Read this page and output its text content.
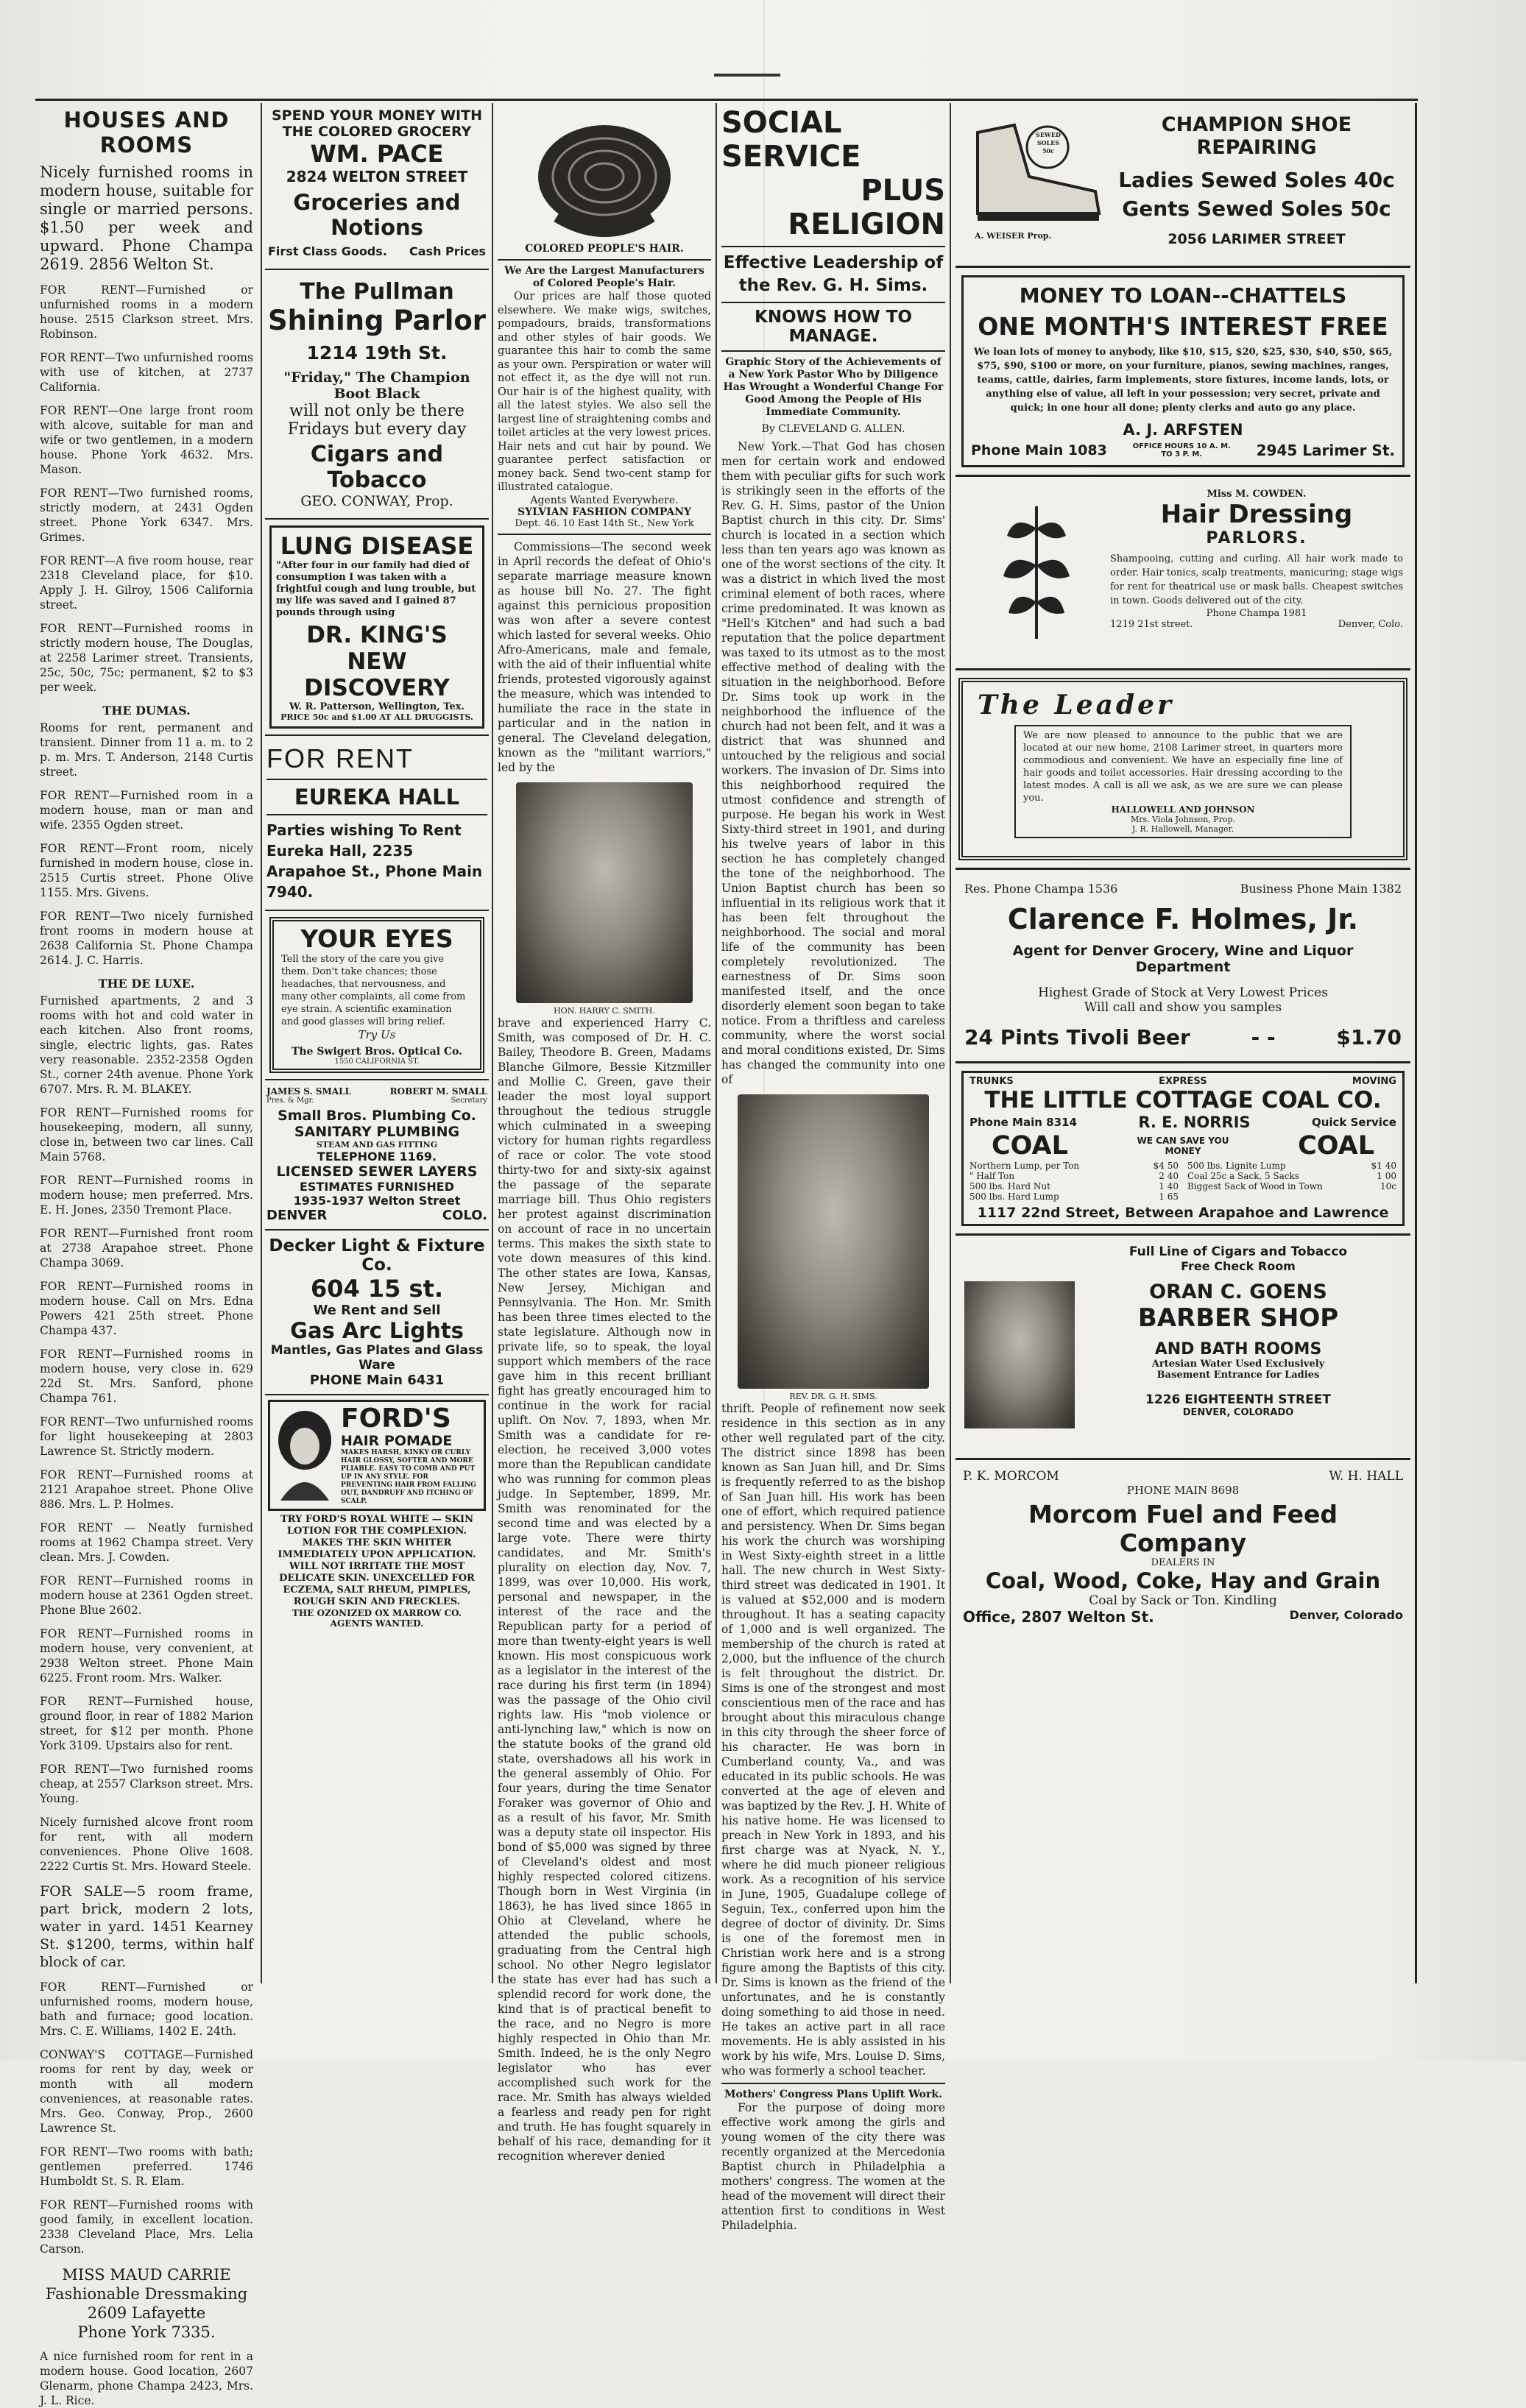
HOUSES AND ROOMS

Nicely furnished rooms in modern house, suitable for single or married persons. $1.50 per week and upward. Phone Champa 2619. 2856 Welton St.

FOR RENT—Furnished or unfurnished rooms in a modern house. 2515 Clarkson street. Mrs. Robinson.

FOR RENT—Two unfurnished rooms with use of kitchen, at 2737 California.

FOR RENT—One large front room with alcove, suitable for man and wife or two gentlemen, in a modern house. Phone York 4632. Mrs. Mason.

FOR RENT—Two furnished rooms, strictly modern, at 2431 Ogden street. Phone York 6347. Mrs. Grimes.

FOR RENT—A five room house, rear 2318 Cleveland place, for $10. Apply J. H. Gilroy, 1506 California street.

FOR RENT—Furnished rooms in strictly modern house, The Douglas, at 2258 Larimer street. Transients, 25c, 50c, 75c; permanent, $2 to $3 per week.

THE DUMAS.

Rooms for rent, permanent and transient. Dinner from 11 a. m. to 2 p. m. Mrs. T. Anderson, 2148 Curtis street.

FOR RENT—Furnished room in a modern house, man or man and wife. 2355 Ogden street.

FOR RENT—Front room, nicely furnished in modern house, close in. 2515 Curtis street. Phone Olive 1155. Mrs. Givens.

FOR RENT—Two nicely furnished front rooms in modern house at 2638 California St. Phone Champa 2614. J. C. Harris.

THE DE LUXE.

Furnished apartments, 2 and 3 rooms with hot and cold water in each kitchen. Also front rooms, single, electric lights, gas. Rates very reasonable. 2352-2358 Ogden St., corner 24th avenue. Phone York 6707. Mrs. R. M. BLAKEY.

FOR RENT—Furnished rooms for housekeeping, modern, all sunny, close in, between two car lines. Call Main 5768.

FOR RENT—Furnished rooms in modern house; men preferred. Mrs. E. H. Jones, 2350 Tremont Place.

FOR RENT—Furnished front room at 2738 Arapahoe street. Phone Champa 3069.

FOR RENT—Furnished rooms in modern house. Call on Mrs. Edna Powers 421 25th street. Phone Champa 437.

FOR RENT—Furnished rooms in modern house, very close in. 629 22d St. Mrs. Sanford, phone Champa 761.

FOR RENT—Two unfurnished rooms for light housekeeping at 2803 Lawrence St. Strictly modern.

FOR RENT—Furnished rooms at 2121 Arapahoe street. Phone Olive 886. Mrs. L. P. Holmes.

FOR RENT — Neatly furnished rooms at 1962 Champa street. Very clean. Mrs. J. Cowden.

FOR RENT—Furnished rooms in modern house at 2361 Ogden street. Phone Blue 2602.

FOR RENT—Furnished rooms in modern house, very convenient, at 2938 Welton street. Phone Main 6225. Front room. Mrs. Walker.

FOR RENT—Furnished house, ground floor, in rear of 1882 Marion street, for $12 per month. Phone York 3109. Upstairs also for rent.

FOR RENT—Two furnished rooms cheap, at 2557 Clarkson street. Mrs. Young.

Nicely furnished alcove front room for rent, with all modern conveniences. Phone Olive 1608. 2222 Curtis St. Mrs. Howard Steele.

FOR SALE—5 room frame, part brick, modern 2 lots, water in yard. 1451 Kearney St. $1200, terms, within half block of car.

FOR RENT—Furnished or unfurnished rooms, modern house, bath and furnace; good location. Mrs. C. E. Williams, 1402 E. 24th.

CONWAY'S COTTAGE—Furnished rooms for rent by day, week or month with all modern conveniences, at reasonable rates. Mrs. Geo. Conway, Prop., 2600 Lawrence St.

FOR RENT—Two rooms with bath; gentlemen preferred. 1746 Humboldt St. S. R. Elam.

FOR RENT—Furnished rooms with good family, in excellent location. 2338 Cleveland Place, Mrs. Lelia Carson.

MISS MAUD CARRIE
Fashionable Dressmaking
2609 Lafayette
Phone York 7335.

A nice furnished room for rent in a modern house. Good location, 2607 Glenarm, phone Champa 2423, Mrs. J. L. Rice.

SPEND YOUR MONEY WITH
THE COLORED GROCERY
WM. PACE
2824 WELTON STREET
Groceries and
Notions
First Class Goods. Cash Prices
The Pullman
Shining Parlor
1214 19th St.
"Friday," The Champion Boot Black
will not only be there
Fridays but every day
Cigars and Tobacco
GEO. CONWAY, Prop.
LUNG DISEASE
"After four in our family had died of consumption I was taken with a frightful cough and lung trouble, but my life was saved and I gained 87 pounds through using
DR. KING'S
NEW
DISCOVERY
W. R. Patterson, Wellington, Tex.
PRICE 50c and $1.00 AT ALL DRUGGISTS.
FOR RENT
EUREKA HALL
Parties wishing To Rent Eureka Hall, 2235 Arapahoe St., Phone Main 7940.
YOUR EYES
Tell the story of the care you give them. Don't take chances; those headaches, that nervousness, and many other complaints, all come from eye strain. A scientific examination and good glasses will bring relief.
Try Us
The Swigert Bros. Optical Co.
1550 CALIFORNIA ST.
JAMES S. SMALL	ROBERT M. SMALL
Pres. & Mgr.	Secretary
Small Bros. Plumbing Co.
SANITARY PLUMBING
STEAM AND GAS FITTING
TELEPHONE 1169.
LICENSED SEWER LAYERS
ESTIMATES FURNISHED
1935-1937 Welton Street
DENVER	COLO.
Decker Light & Fixture Co.
604 15 st.
We Rent and Sell
Gas Arc Lights
Mantles, Gas Plates and Glass Ware
PHONE Main 6431
FORD'S
HAIR POMADE
MAKES HARSH, KINKY OR CURLY HAIR GLOSSY, SOFTER AND MORE PLIABLE. EASY TO COMB AND PUT UP IN ANY STYLE. FOR PREVENTING HAIR FROM FALLING OUT, DANDRUFF AND ITCHING OF SCALP.
TRY FORD'S ROYAL WHITE — SKIN LOTION FOR THE COMPLEXION. MAKES THE SKIN WHITER IMMEDIATELY UPON APPLICATION. WILL NOT IRRITATE THE MOST DELICATE SKIN. UNEXCELLED FOR ECZEMA, SALT RHEUM, PIMPLES, ROUGH SKIN AND FRECKLES.
THE OZONIZED OX MARROW CO.
AGENTS WANTED.
COLORED PEOPLE'S HAIR.
We Are the Largest Manufacturers of Colored People's Hair.

Our prices are half those quoted elsewhere. We make wigs, switches, pompadours, braids, transformations and other styles of hair goods. We guarantee this hair to comb the same as your own. Perspiration or water will not effect it, as the dye will not run. Our hair is of the highest quality, with all the latest styles. We also sell the largest line of straightening combs and toilet articles at the very lowest prices. Hair nets and cut hair by pound. We guarantee perfect satisfaction or money back. Send two-cent stamp for illustrated catalogue.

Agents Wanted Everywhere.
SYLVIAN FASHION COMPANY
Dept. 46. 10 East 14th St., New York

Commissions—The second week in April records the defeat of Ohio's separate marriage measure known as house bill No. 27. The fight against this pernicious proposition was won after a severe contest which lasted for several weeks. Ohio Afro-Americans, male and female, with the aid of their influential white friends, protested vigorously against the measure, which was intended to humiliate the race in the state in particular and in the nation in general. The Cleveland delegation, known as the "militant warriors," led by the

HON. HARRY C. SMITH.

brave and experienced Harry C. Smith, was composed of Dr. H. C. Bailey, Theodore B. Green, Madams Blanche Gilmore, Bessie Kitzmiller and Mollie C. Green, gave their leader the most loyal support throughout the tedious struggle which culminated in a sweeping victory for human rights regardless of race or color. The vote stood thirty-two for and sixty-six against the passage of the separate marriage bill. Thus Ohio registers her protest against discrimination on account of race in no uncertain terms. This makes the sixth state to vote down measures of this kind. The other states are Iowa, Kansas, New Jersey, Michigan and Pennsylvania. The Hon. Mr. Smith has been three times elected to the state legislature. Although now in private life, so to speak, the loyal support which members of the race gave him in this recent brilliant fight has greatly encouraged him to continue in the work for racial uplift. On Nov. 7, 1893, when Mr. Smith was a candidate for re-election, he received 3,000 votes more than the Republican candidate who was running for common pleas judge. In September, 1899, Mr. Smith was renominated for the second time and was elected by a large vote. There were thirty candidates, and Mr. Smith's plurality on election day, Nov. 7, 1899, was over 10,000. His work, personal and newspaper, in the interest of the race and the Republican party for a period of more than twenty-eight years is well known. His most conspicuous work as a legislator in the interest of the race during his first term (in 1894) was the passage of the Ohio civil rights law. His "mob violence or anti-lynching law," which is now on the statute books of the grand old state, overshadows all his work in the general assembly of Ohio. For four years, during the time Senator Foraker was governor of Ohio and as a result of his favor, Mr. Smith was a deputy state oil inspector. His bond of $5,000 was signed by three of Cleveland's oldest and most highly respected colored citizens. Though born in West Virginia (in 1863), he has lived since 1865 in Ohio at Cleveland, where he attended the public schools, graduating from the Central high school. No other Negro legislator the state has ever had has such a splendid record for work done, the kind that is of practical benefit to the race, and no Negro is more highly respected in Ohio than Mr. Smith. Indeed, he is the only Negro legislator who has ever accomplished such work for the race. Mr. Smith has always wielded a fearless and ready pen for right and truth. He has fought squarely in behalf of his race, demanding for it recognition wherever denied

SOCIAL SERVICE
PLUS RELIGION
Effective Leadership of the Rev. G. H. Sims.
KNOWS HOW TO MANAGE.
Graphic Story of the Achievements of a New York Pastor Who by Diligence Has Wrought a Wonderful Change For Good Among the People of His Immediate Community.
By CLEVELAND G. ALLEN.

New York.—That God has chosen men for certain work and endowed them with peculiar gifts for such work is strikingly seen in the efforts of the Rev. G. H. Sims, pastor of the Union Baptist church in this city. Dr. Sims' church is located in a section which less than ten years ago was known as one of the worst sections of the city. It was a district in which lived the most criminal element of both races, where crime predominated. It was known as "Hell's Kitchen" and had such a bad reputation that the police department was taxed to its utmost as to the most effective method of dealing with the situation in the neighborhood. Before Dr. Sims took up work in the neighborhood the influence of the church had not been felt, and it was a district that was shunned and untouched by the religious and social workers. The invasion of Dr. Sims into this neighborhood required the utmost confidence and strength of purpose. He began his work in West Sixty-third street in 1901, and during his twelve years of labor in this section he has completely changed the tone of the neighborhood. The Union Baptist church has been so influential in its religious work that it has been felt throughout the neighborhood. The social and moral life of the community has been completely revolutionized. The earnestness of Dr. Sims soon manifested itself, and the once disorderly element soon began to take notice. From a thriftless and careless community, where the worst social and moral conditions existed, Dr. Sims has changed the community into one of

REV. DR. G. H. SIMS.

thrift. People of refinement now seek residence in this section as in any other well regulated part of the city. The district since 1898 has been known as San Juan hill, and Dr. Sims is frequently referred to as the bishop of San Juan hill. His work has been one of effort, which required patience and persistency. When Dr. Sims began his work the church was worshiping in West Sixty-eighth street in a little hall. The new church in West Sixty-third street was dedicated in 1901. It is valued at $52,000 and is modern throughout. It has a seating capacity of 1,000 and is well organized. The membership of the church is rated at 2,000, but the influence of the church is felt throughout the district. Dr. Sims is one of the strongest and most conscientious men of the race and has brought about this miraculous change in this city through the sheer force of his character. He was born in Cumberland county, Va., and was educated in its public schools. He was converted at the age of eleven and was baptized by the Rev. J. H. White of his native home. He was licensed to preach in New York in 1893, and his first charge was at Nyack, N. Y., where he did much pioneer religious work. As a recognition of his service in June, 1905, Guadalupe college of Seguin, Tex., conferred upon him the degree of doctor of divinity. Dr. Sims is one of the foremost men in Christian work here and is a strong figure among the Baptists of this city. Dr. Sims is known as the friend of the unfortunates, and he is constantly doing something to aid those in need. He takes an active part in all race movements. He is ably assisted in his work by his wife, Mrs. Louise D. Sims, who was formerly a school teacher.

Mothers' Congress Plans Uplift Work.

For the purpose of doing more effective work among the girls and young women of the city there was recently organized at the Mercedonia Baptist church in Philadelphia a mothers' congress. The women at the head of the movement will direct their attention first to conditions in West Philadelphia.

SEWED
SOLES
50c
A. WEISER Prop.
CHAMPION SHOE REPAIRING
Ladies Sewed Soles 40c
Gents Sewed Soles 50c
2056 LARIMER STREET
MONEY TO LOAN--CHATTELS
ONE MONTH'S INTEREST FREE
We loan lots of money to anybody, like $10, $15, $20, $25, $30, $40, $50, $65, $75, $90, $100 or more, on your furniture, pianos, sewing machines, ranges, teams, cattle, dairies, farm implements, store fixtures, income lands, lots, or anything else of value, all left in your possession; very secret, private and quick; in one hour all done; plenty clerks and auto go any place.
A. J. ARFSTEN
Phone Main 1083	OFFICE HOURS 10 A. M. TO 3 P. M.	2945 Larimer St.
Miss M. COWDEN.
Hair Dressing
PARLORS.
Shampooing, cutting and curling. All hair work made to order. Hair tonics, scalp treatments, manicuring; stage wigs for rent for theatrical use or mask balls. Cheapest switches in town. Goods delivered out of the city.
Phone Champa 1981
1219 21st street.	Denver, Colo.
The Leader
We are now pleased to announce to the public that we are located at our new home, 2108 Larimer street, in quarters more commodious and convenient. We have an especially fine line of hair goods and toilet accessories. Hair dressing according to the latest modes. A call is all we ask, as we are sure we can please you.
HALLOWELL AND JOHNSON
Mrs. Viola Johnson, Prop.
J. R. Hallowell, Manager.
Res. Phone Champa 1536	Business Phone Main 1382
Clarence F. Holmes, Jr.
Agent for Denver Grocery, Wine and Liquor Department
Highest Grade of Stock at Very Lowest Prices
Will call and show you samples
24 Pints Tivoli Beer	- -	$1.70
TRUNKS	EXPRESS	MOVING
THE LITTLE COTTAGE COAL CO.
Phone Main 8314	R. E. NORRIS	Quick Service
COAL	WE CAN SAVE YOU MONEY	COAL
Northern Lump, per Ton	$4 50
" Half Ton	2 40
500 lbs. Hard Nut	1 40
500 lbs. Hard Lump	1 65
500 lbs. Lignite Lump	$1 40
Coal 25c a Sack, 5 Sacks	1 00
Biggest Sack of Wood in Town	10c
1117 22nd Street, Between Arapahoe and Lawrence
Full Line of Cigars and Tobacco
Free Check Room
ORAN C. GOENS
BARBER SHOP
AND BATH ROOMS
Artesian Water Used Exclusively
Basement Entrance for Ladies
1226 EIGHTEENTH STREET
DENVER, COLORADO
P. K. MORCOM	W. H. HALL
PHONE MAIN 8698
Morcom Fuel and Feed Company
DEALERS IN
Coal, Wood, Coke, Hay and Grain
Coal by Sack or Ton. Kindling
Office, 2807 Welton St.	Denver, Colorado
